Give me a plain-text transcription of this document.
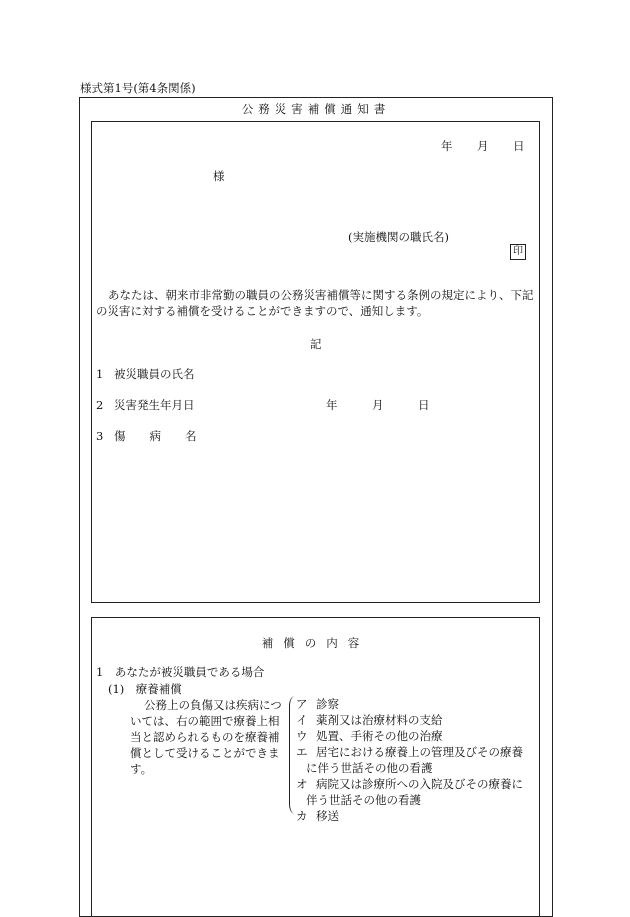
様式第1号(第4条関係)
公務災害補償通知書
年 月 日
様
(実施機関の職氏名)
印
あなたは、朝来市非常勤の職員の公務災害補償等に関する条例の規定により、下記の災害に対する補償を受けることができますので、通知します。
記
1 被災職員の氏名
2 災害発生年月日	年	月	日
3 傷病名
補償の内容
1　あなたが被災職員である場合
(1)　療養補償
公務上の負傷又は疾病については、右の範囲で療養上相当と認められるものを療養補償として受けることができます。
ア 診察
イ 薬剤又は治療材料の支給
ウ 処置、手術その他の治療
エ 居宅における療養上の管理及びその療養
に伴う世話その他の看護
オ 病院又は診療所への入院及びその療養に
伴う世話その他の看護
カ 移送
